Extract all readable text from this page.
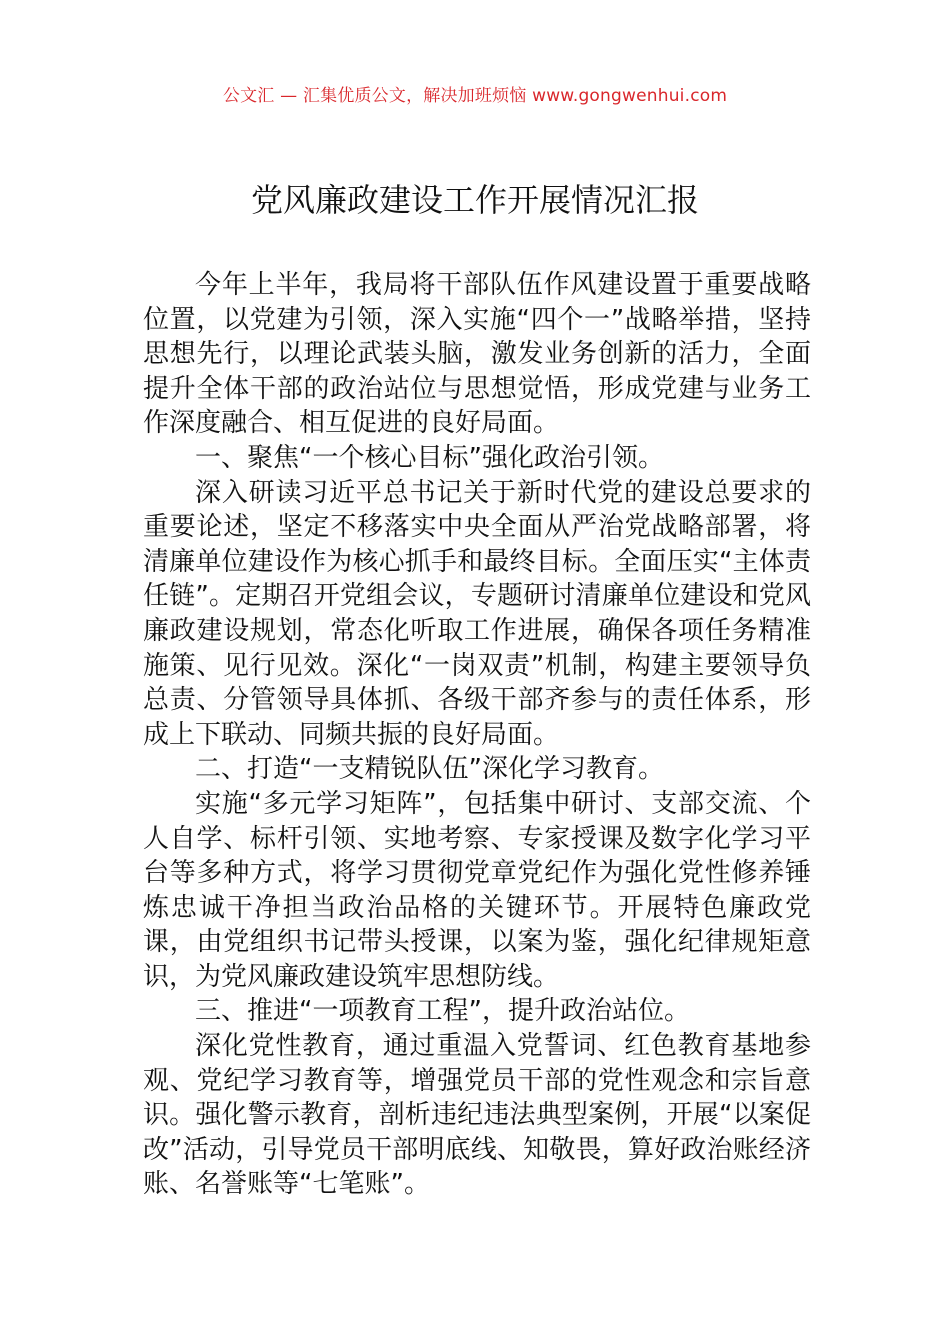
公文汇 — 汇集优质公文，解决加班烦恼 www.gongwenhui.com
党风廉政建设工作开展情况汇报

今年上半年，我局将干部队伍作风建设置于重要战略位置，以党建为引领，深入实施“四个一”战略举措，坚持思想先行，以理论武装头脑，激发业务创新的活力，全面提升全体干部的政治站位与思想觉悟，形成党建与业务工作深度融合、相互促进的良好局面。

一、聚焦“一个核心目标”强化政治引领。

深入研读习近平总书记关于新时代党的建设总要求的重要论述，坚定不移落实中央全面从严治党战略部署，将清廉单位建设作为核心抓手和最终目标。全面压实“主体责任链”。定期召开党组会议，专题研讨清廉单位建设和党风廉政建设规划，常态化听取工作进展，确保各项任务精准施策、见行见效。深化“一岗双责”机制，构建主要领导负总责、分管领导具体抓、各级干部齐参与的责任体系，形成上下联动、同频共振的良好局面。

二、打造“一支精锐队伍”深化学习教育。

实施“多元学习矩阵”，包括集中研讨、支部交流、个人自学、标杆引领、实地考察、专家授课及数字化学习平台等多种方式，将学习贯彻党章党纪作为强化党性修养锤炼忠诚干净担当政治品格的关键环节。开展特色廉政党课，由党组织书记带头授课，以案为鉴，强化纪律规矩意识，为党风廉政建设筑牢思想防线。

三、推进“一项教育工程”，提升政治站位。

深化党性教育，通过重温入党誓词、红色教育基地参观、党纪学习教育等，增强党员干部的党性观念和宗旨意识。强化警示教育，剖析违纪违法典型案例，开展“以案促改”活动，引导党员干部明底线、知敬畏，算好政治账经济账、名誉账等“七笔账”。
